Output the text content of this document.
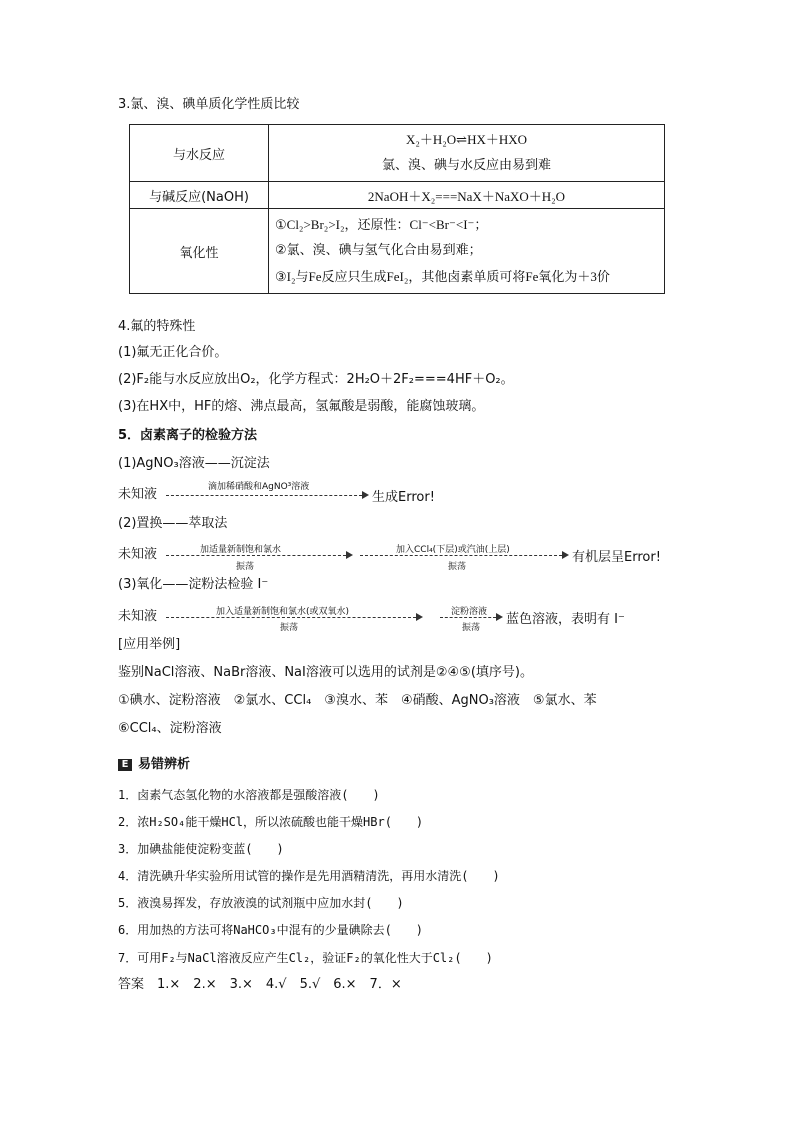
3.氯、溴、碘单质化学性质比较
与水反应	X₂＋H₂O⇌HX＋HXO
氯、溴、碘与水反应由易到难

与碱反应(NaOH)	2NaOH＋X₂===NaX＋NaXO＋H₂O
氧化性	①Cl₂>Br₂>I₂，还原性：Cl⁻<Br⁻<I⁻；
②氯、溴、碘与氢气化合由易到难；
③I₂与Fe反应只生成FeI₂，其他卤素单质可将Fe氧化为＋3价
4.氟的特殊性
(1)氟无正化合价。
(2)F₂能与水反应放出O₂，化学方程式：2H₂O＋2F₂===4HF＋O₂。
(3)在HX中，HF的熔、沸点最高，氢氟酸是弱酸，能腐蚀玻璃。
5．卤素离子的检验方法
(1)AgNO₃溶液——沉淀法
未知液	滴加稀硝酸和AgNO³溶液
生成Error!
(2)置换——萃取法
未知液	加适量新制饱和氯水
振荡
加入CCl₄(下层)或汽油(上层)
振荡
有机层呈Error!
(3)氧化——淀粉法检验 I⁻
未知液	加入适量新制饱和氯水(或双氧水)
振荡
淀粉溶液
振荡
蓝色溶液，表明有 I⁻
[应用举例]
鉴别NaCl溶液、NaBr溶液、NaI溶液可以选用的试剂是②④⑤(填序号)。
①碘水、淀粉溶液　②氯水、CCl₄　③溴水、苯　④硝酸、AgNO₃溶液　⑤氯水、苯
⑥CCl₄、淀粉溶液
E 易错辨析
1．卤素气态氢化物的水溶液都是强酸溶液(　　)
2．浓H₂SO₄能干燥HCl，所以浓硫酸也能干燥HBr(　　)
3．加碘盐能使淀粉变蓝(　　)
4．清洗碘升华实验所用试管的操作是先用酒精清洗，再用水清洗(　　)
5．液溴易挥发，存放液溴的试剂瓶中应加水封(　　)
6．用加热的方法可将NaHCO₃中混有的少量碘除去(　　)
7．可用F₂与NaCl溶液反应产生Cl₂，验证F₂的氧化性大于Cl₂(　　)
答案　1.×　2.×　3.×　4.√　5.√　6.×　7．×
